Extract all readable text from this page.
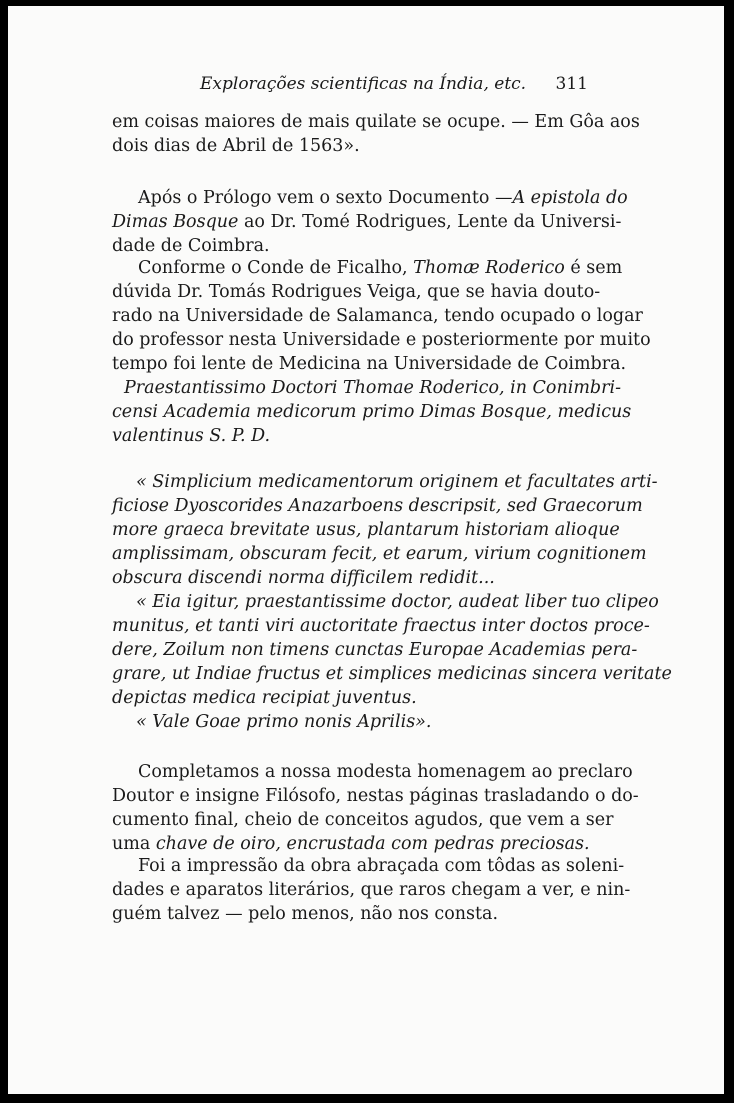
Explorações scientificas na Índia, etc. 311
em coisas maiores de mais quilate se ocupe. — Em Gôa aos
dois dias de Abril de 1563».
Após o Prólogo vem o sexto Documento —A epistola do
Dimas Bosque ao Dr. Tomé Rodrigues, Lente da Universi-
dade de Coimbra.
Conforme o Conde de Ficalho, Thomæ Roderico é sem
dúvida Dr. Tomás Rodrigues Veiga, que se havia douto-
rado na Universidade de Salamanca, tendo ocupado o logar
do professor nesta Universidade e posteriormente por muito
tempo foi lente de Medicina na Universidade de Coimbra.
Praestantissimo Doctori Thomae Roderico, in Conimbri-
censi Academia medicorum primo Dimas Bosque, medicus
valentinus S. P. D.
« Simplicium medicamentorum originem et facultates arti-
ficiose Dyoscorides Anazarboens descripsit, sed Graecorum
more graeca brevitate usus, plantarum historiam alioque
amplissimam, obscuram fecit, et earum, virium cognitionem
obscura discendi norma difficilem redidit...
« Eia igitur, praestantissime doctor, audeat liber tuo clipeo
munitus, et tanti viri auctoritate fraectus inter doctos proce-
dere, Zoilum non timens cunctas Europae Academias pera-
grare, ut Indiae fructus et simplices medicinas sincera veritate
depictas medica recipiat juventus.
« Vale Goae primo nonis Aprilis».
Completamos a nossa modesta homenagem ao preclaro
Doutor e insigne Filósofo, nestas páginas trasladando o do-
cumento final, cheio de conceitos agudos, que vem a ser
uma chave de oiro, encrustada com pedras preciosas.
Foi a impressão da obra abraçada com tôdas as soleni-
dades e aparatos literários, que raros chegam a ver, e nin-
guém talvez — pelo menos, não nos consta.
